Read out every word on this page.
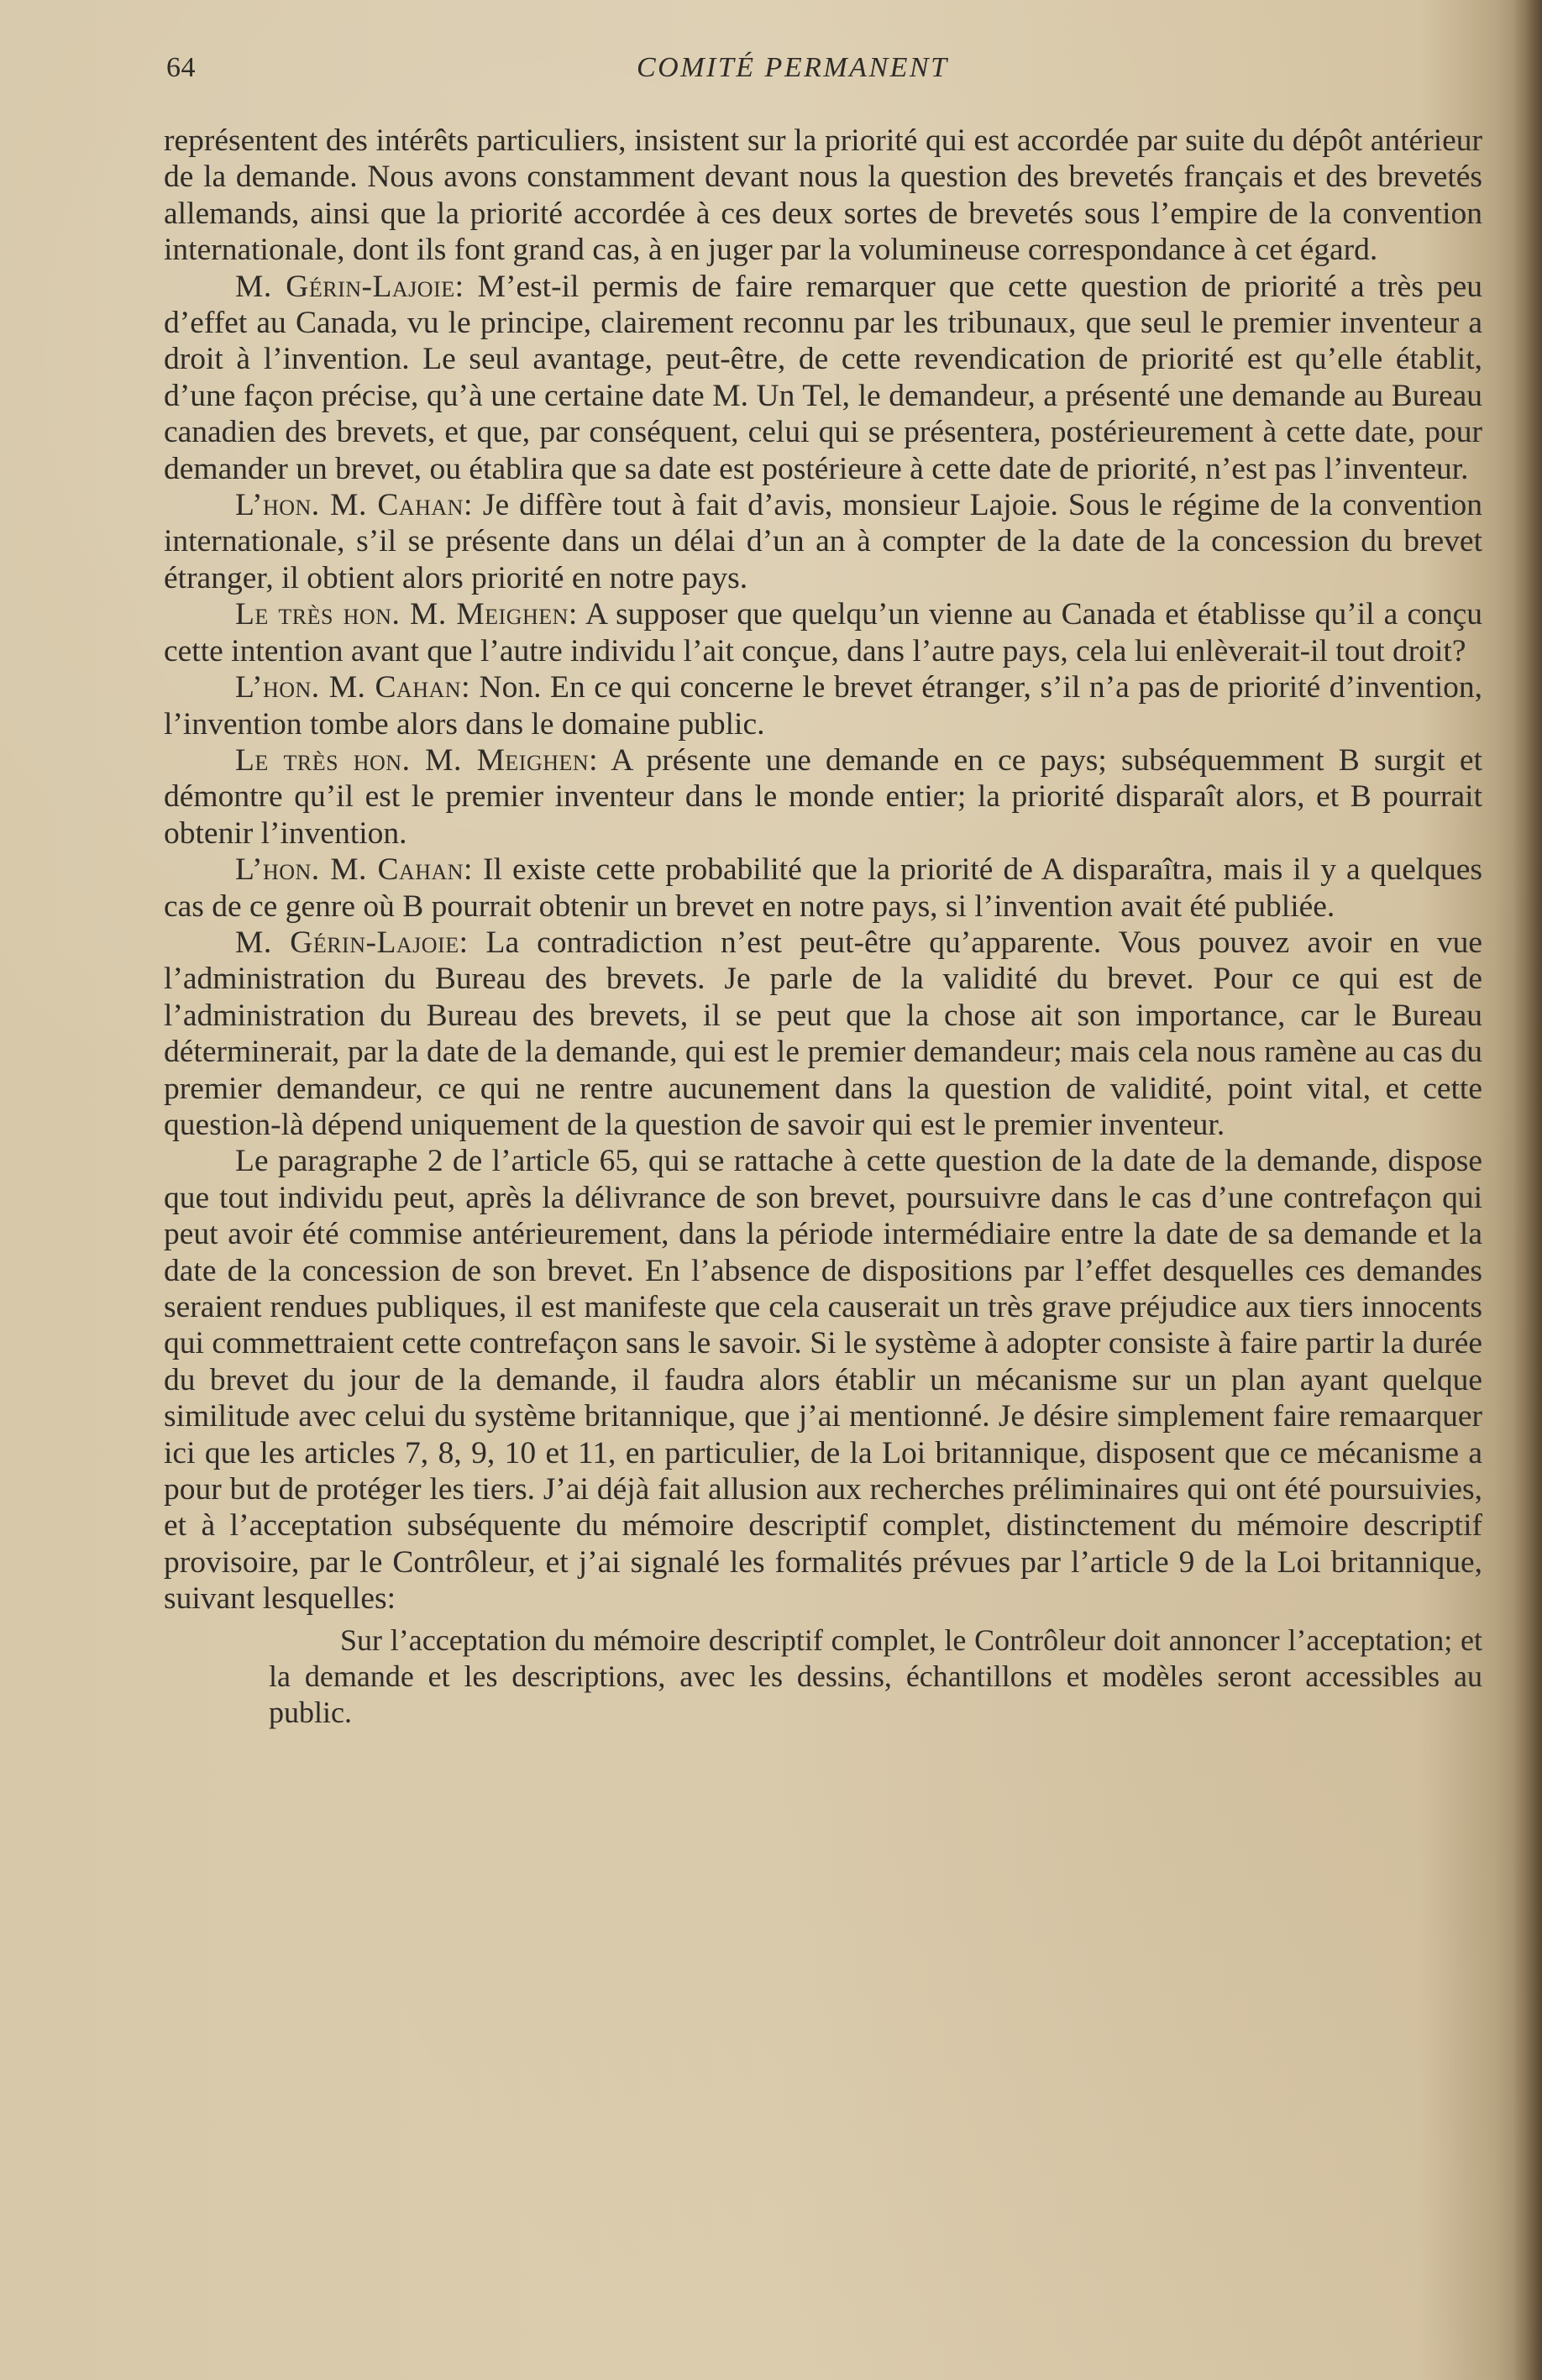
64	COMITÉ PERMANENT

représentent des intérêts particuliers, insistent sur la priorité qui est accordée par suite du dépôt antérieur de la demande. Nous avons constamment devant nous la question des brevetés français et des brevetés allemands, ainsi que la priorité accordée à ces deux sortes de brevetés sous l’empire de la convention internationale, dont ils font grand cas, à en juger par la volumineuse correspondance à cet égard.

M. Gérin-Lajoie: M’est-il permis de faire remarquer que cette question de priorité a très peu d’effet au Canada, vu le principe, clairement reconnu par les tribunaux, que seul le premier inventeur a droit à l’invention. Le seul avantage, peut-être, de cette revendication de priorité est qu’elle établit, d’une façon précise, qu’à une certaine date M. Un Tel, le demandeur, a présenté une demande au Bureau canadien des brevets, et que, par conséquent, celui qui se présentera, postérieurement à cette date, pour demander un brevet, ou établira que sa date est postérieure à cette date de priorité, n’est pas l’inventeur.

L’hon. M. Cahan: Je diffère tout à fait d’avis, monsieur Lajoie. Sous le régime de la convention internationale, s’il se présente dans un délai d’un an à compter de la date de la concession du brevet étranger, il obtient alors priorité en notre pays.

Le très hon. M. Meighen: A supposer que quelqu’un vienne au Canada et établisse qu’il a conçu cette intention avant que l’autre individu l’ait conçue, dans l’autre pays, cela lui enlèverait-il tout droit?

L’hon. M. Cahan: Non. En ce qui concerne le brevet étranger, s’il n’a pas de priorité d’invention, l’invention tombe alors dans le domaine public.

Le très hon. M. Meighen: A présente une demande en ce pays; subséquemment B surgit et démontre qu’il est le premier inventeur dans le monde entier; la priorité disparaît alors, et B pourrait obtenir l’invention.

L’hon. M. Cahan: Il existe cette probabilité que la priorité de A disparaîtra, mais il y a quelques cas de ce genre où B pourrait obtenir un brevet en notre pays, si l’invention avait été publiée.

M. Gérin-Lajoie: La contradiction n’est peut-être qu’apparente. Vous pouvez avoir en vue l’administration du Bureau des brevets. Je parle de la validité du brevet. Pour ce qui est de l’administration du Bureau des brevets, il se peut que la chose ait son importance, car le Bureau déterminerait, par la date de la demande, qui est le premier demandeur; mais cela nous ramène au cas du premier demandeur, ce qui ne rentre aucunement dans la question de validité, point vital, et cette question-là dépend uniquement de la question de savoir qui est le premier inventeur.

Le paragraphe 2 de l’article 65, qui se rattache à cette question de la date de la demande, dispose que tout individu peut, après la délivrance de son brevet, poursuivre dans le cas d’une contrefaçon qui peut avoir été commise antérieurement, dans la période intermédiaire entre la date de sa demande et la date de la concession de son brevet. En l’absence de dispositions par l’effet desquelles ces demandes seraient rendues publiques, il est manifeste que cela causerait un très grave préjudice aux tiers innocents qui commettraient cette contrefaçon sans le savoir. Si le système à adopter consiste à faire partir la durée du brevet du jour de la demande, il faudra alors établir un mécanisme sur un plan ayant quelque similitude avec celui du système britannique, que j’ai mentionné. Je désire simplement faire remaarquer ici que les articles 7, 8, 9, 10 et 11, en particulier, de la Loi britannique, disposent que ce mécanisme a pour but de protéger les tiers. J’ai déjà fait allusion aux recherches préliminaires qui ont été poursuivies, et à l’acceptation subséquente du mémoire descriptif complet, distinctement du mémoire descriptif provisoire, par le Contrôleur, et j’ai signalé les formalités prévues par l’article 9 de la Loi britannique, suivant lesquelles:

Sur l’acceptation du mémoire descriptif complet, le Contrôleur doit annoncer l’acceptation; et la demande et les descriptions, avec les dessins, échantillons et modèles seront accessibles au public.
